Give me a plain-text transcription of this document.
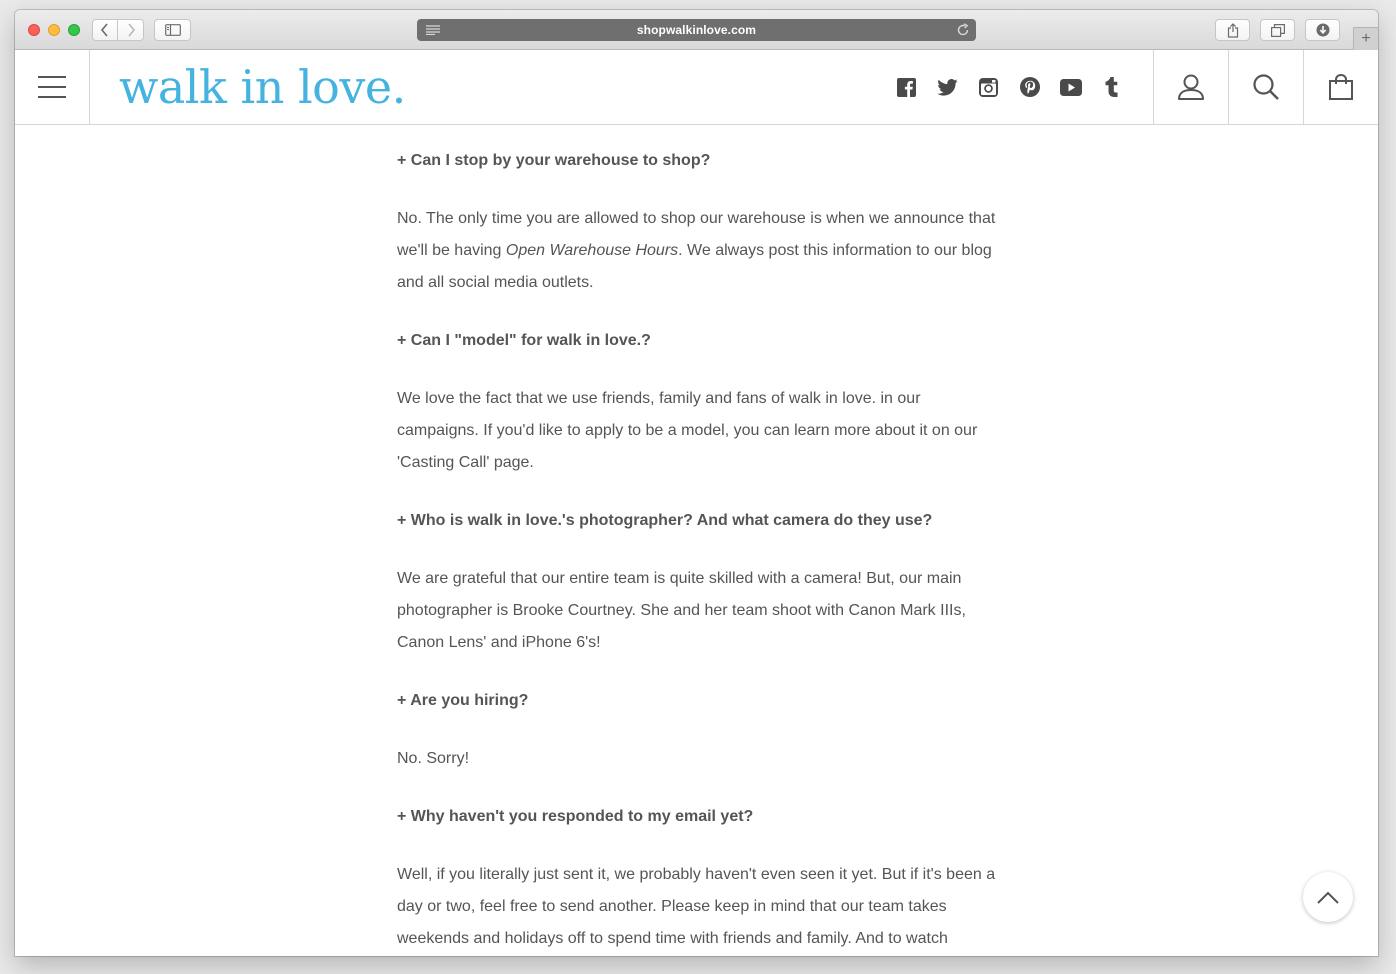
shopwalkinlove.com	+
walk in love.

+ Can I stop by your warehouse to shop?

No. The only time you are allowed to shop our warehouse is when we announce that we'll be having Open Warehouse Hours. We always post this information to our blog and all social media outlets.

+ Can I "model" for walk in love.?

We love the fact that we use friends, family and fans of walk in love. in our campaigns. If you'd like to apply to be a model, you can learn more about it on our 'Casting Call' page.

+ Who is walk in love.'s photographer? And what camera do they use?

We are grateful that our entire team is quite skilled with a camera! But, our main photographer is Brooke Courtney. She and her team shoot with Canon Mark IIIs, Canon Lens' and iPhone 6's!

+ Are you hiring?

No. Sorry!

+ Why haven't you responded to my email yet?

Well, if you literally just sent it, we probably haven't even seen it yet. But if it's been a day or two, feel free to send another. Please keep in mind that our team takes weekends and holidays off to spend time with friends and family. And to watch
